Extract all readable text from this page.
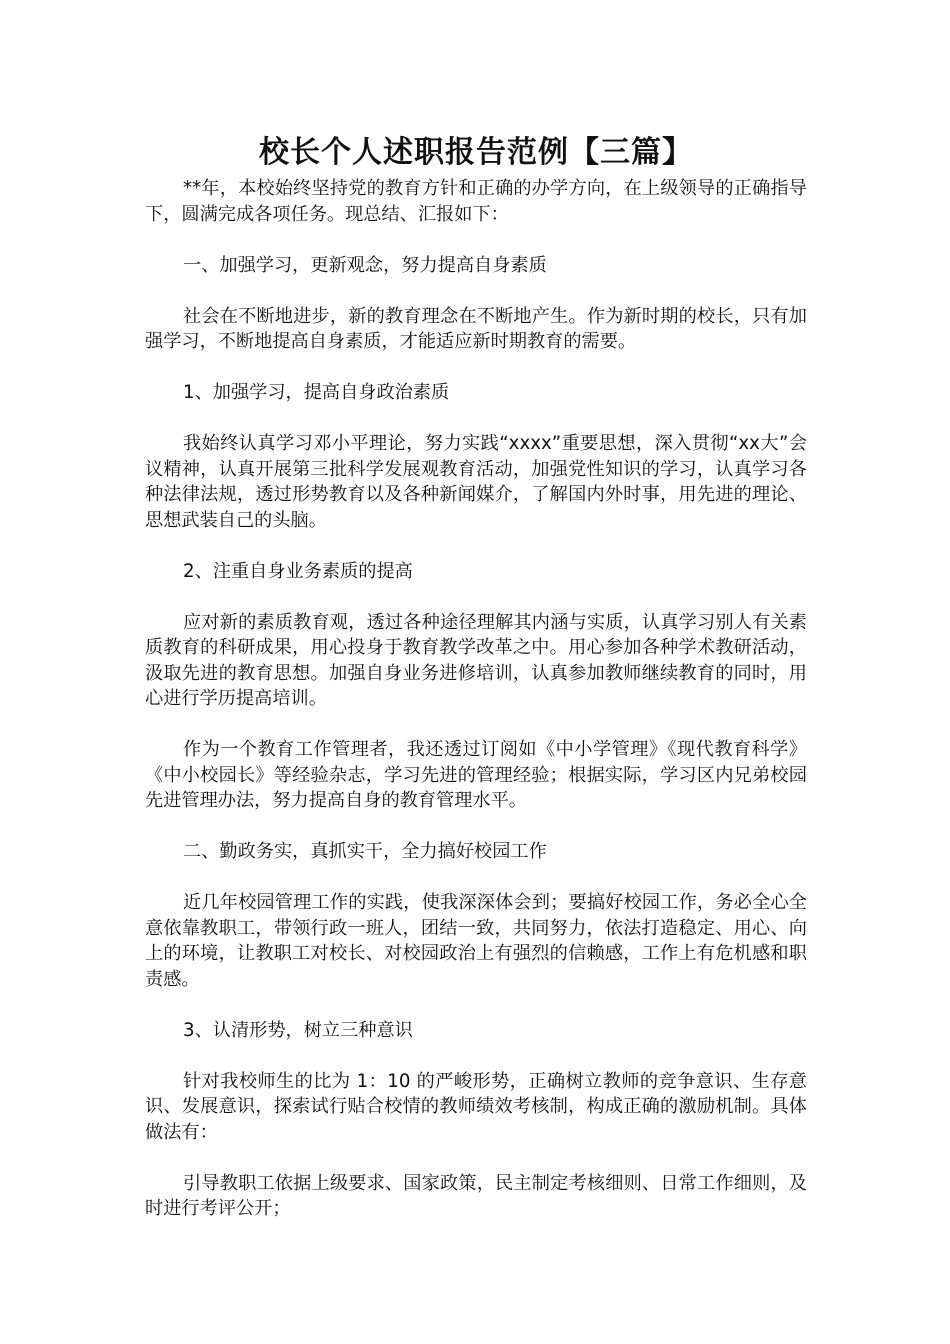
校长个人述职报告范例【三篇】

**年，本校始终坚持党的教育方针和正确的办学方向，在上级领导的正确指导下，圆满完成各项任务。现总结、汇报如下：

一、加强学习，更新观念，努力提高自身素质

社会在不断地进步，新的教育理念在不断地产生。作为新时期的校长，只有加强学习，不断地提高自身素质，才能适应新时期教育的需要。

1、加强学习，提高自身政治素质

我始终认真学习邓小平理论，努力实践“xxxx”重要思想，深入贯彻“xx大”会议精神，认真开展第三批科学发展观教育活动，加强党性知识的学习，认真学习各种法律法规，透过形势教育以及各种新闻媒介，了解国内外时事，用先进的理论、思想武装自己的头脑。

2、注重自身业务素质的提高

应对新的素质教育观，透过各种途径理解其内涵与实质，认真学习别人有关素质教育的科研成果，用心投身于教育教学改革之中。用心参加各种学术教研活动，汲取先进的教育思想。加强自身业务进修培训，认真参加教师继续教育的同时，用心进行学历提高培训。

作为一个教育工作管理者，我还透过订阅如《中小学管理》《现代教育科学》《中小校园长》等经验杂志，学习先进的管理经验；根据实际，学习区内兄弟校园先进管理办法，努力提高自身的教育管理水平。

二、勤政务实，真抓实干，全力搞好校园工作

近几年校园管理工作的实践，使我深深体会到；要搞好校园工作，务必全心全意依靠教职工，带领行政一班人，团结一致，共同努力，依法打造稳定、用心、向上的环境，让教职工对校长、对校园政治上有强烈的信赖感，工作上有危机感和职责感。

3、认清形势，树立三种意识

针对我校师生的比为 1：10 的严峻形势，正确树立教师的竞争意识、生存意识、发展意识，探索试行贴合校情的教师绩效考核制，构成正确的激励机制。具体做法有：

引导教职工依据上级要求、国家政策，民主制定考核细则、日常工作细则，及时进行考评公开；
